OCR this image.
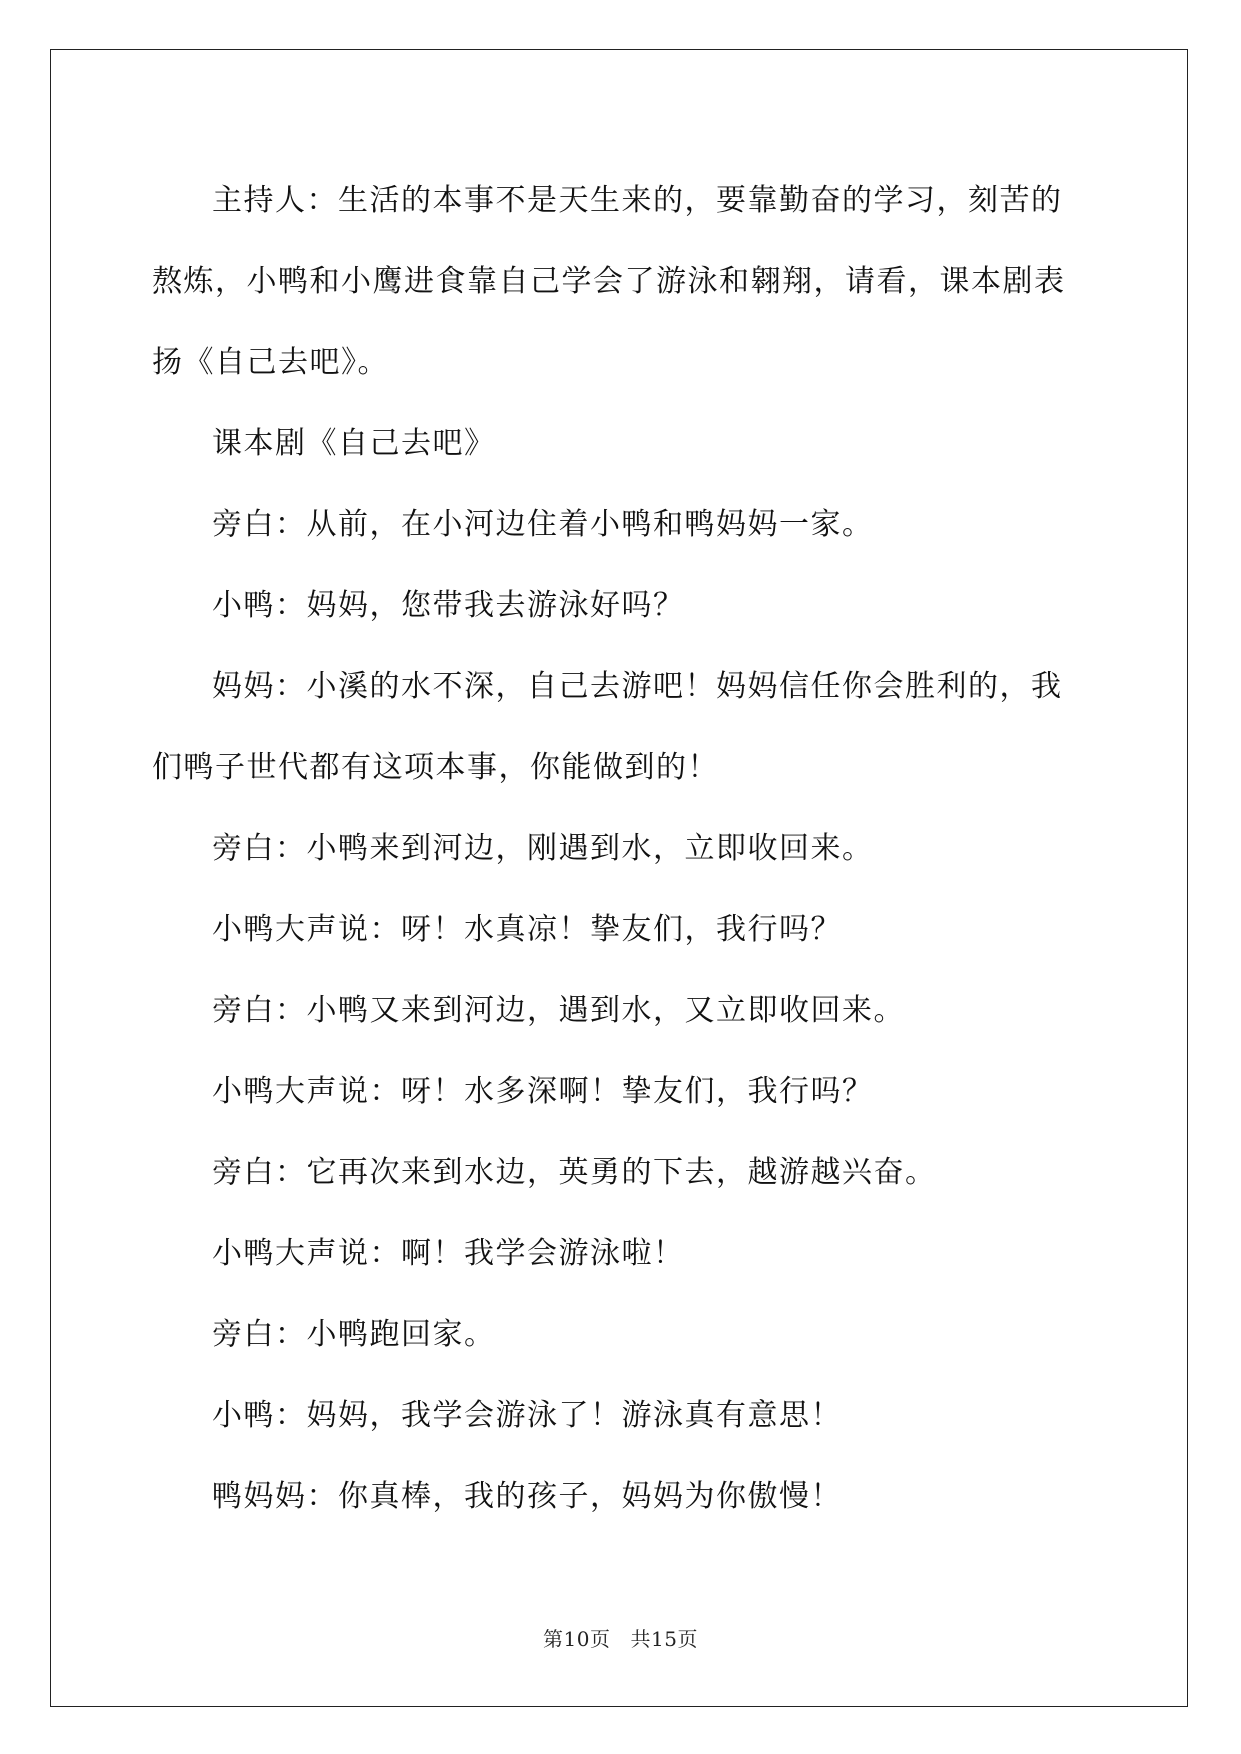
主持人：生活的本事不是天生来的，要靠勤奋的学习，刻苦的熬炼，小鸭和小鹰进食靠自己学会了游泳和翱翔，请看，课本剧表扬《自己去吧》。

课本剧《自己去吧》

旁白：从前，在小河边住着小鸭和鸭妈妈一家。

小鸭：妈妈，您带我去游泳好吗？

妈妈：小溪的水不深，自己去游吧！妈妈信任你会胜利的，我们鸭子世代都有这项本事，你能做到的！

旁白：小鸭来到河边，刚遇到水，立即收回来。

小鸭大声说：呀！水真凉！挚友们，我行吗？

旁白：小鸭又来到河边，遇到水，又立即收回来。

小鸭大声说：呀！水多深啊！挚友们，我行吗？

旁白：它再次来到水边，英勇的下去，越游越兴奋。

小鸭大声说：啊！我学会游泳啦！

旁白：小鸭跑回家。

小鸭：妈妈，我学会游泳了！游泳真有意思！

鸭妈妈：你真棒，我的孩子，妈妈为你傲慢！

第10页 共15页
